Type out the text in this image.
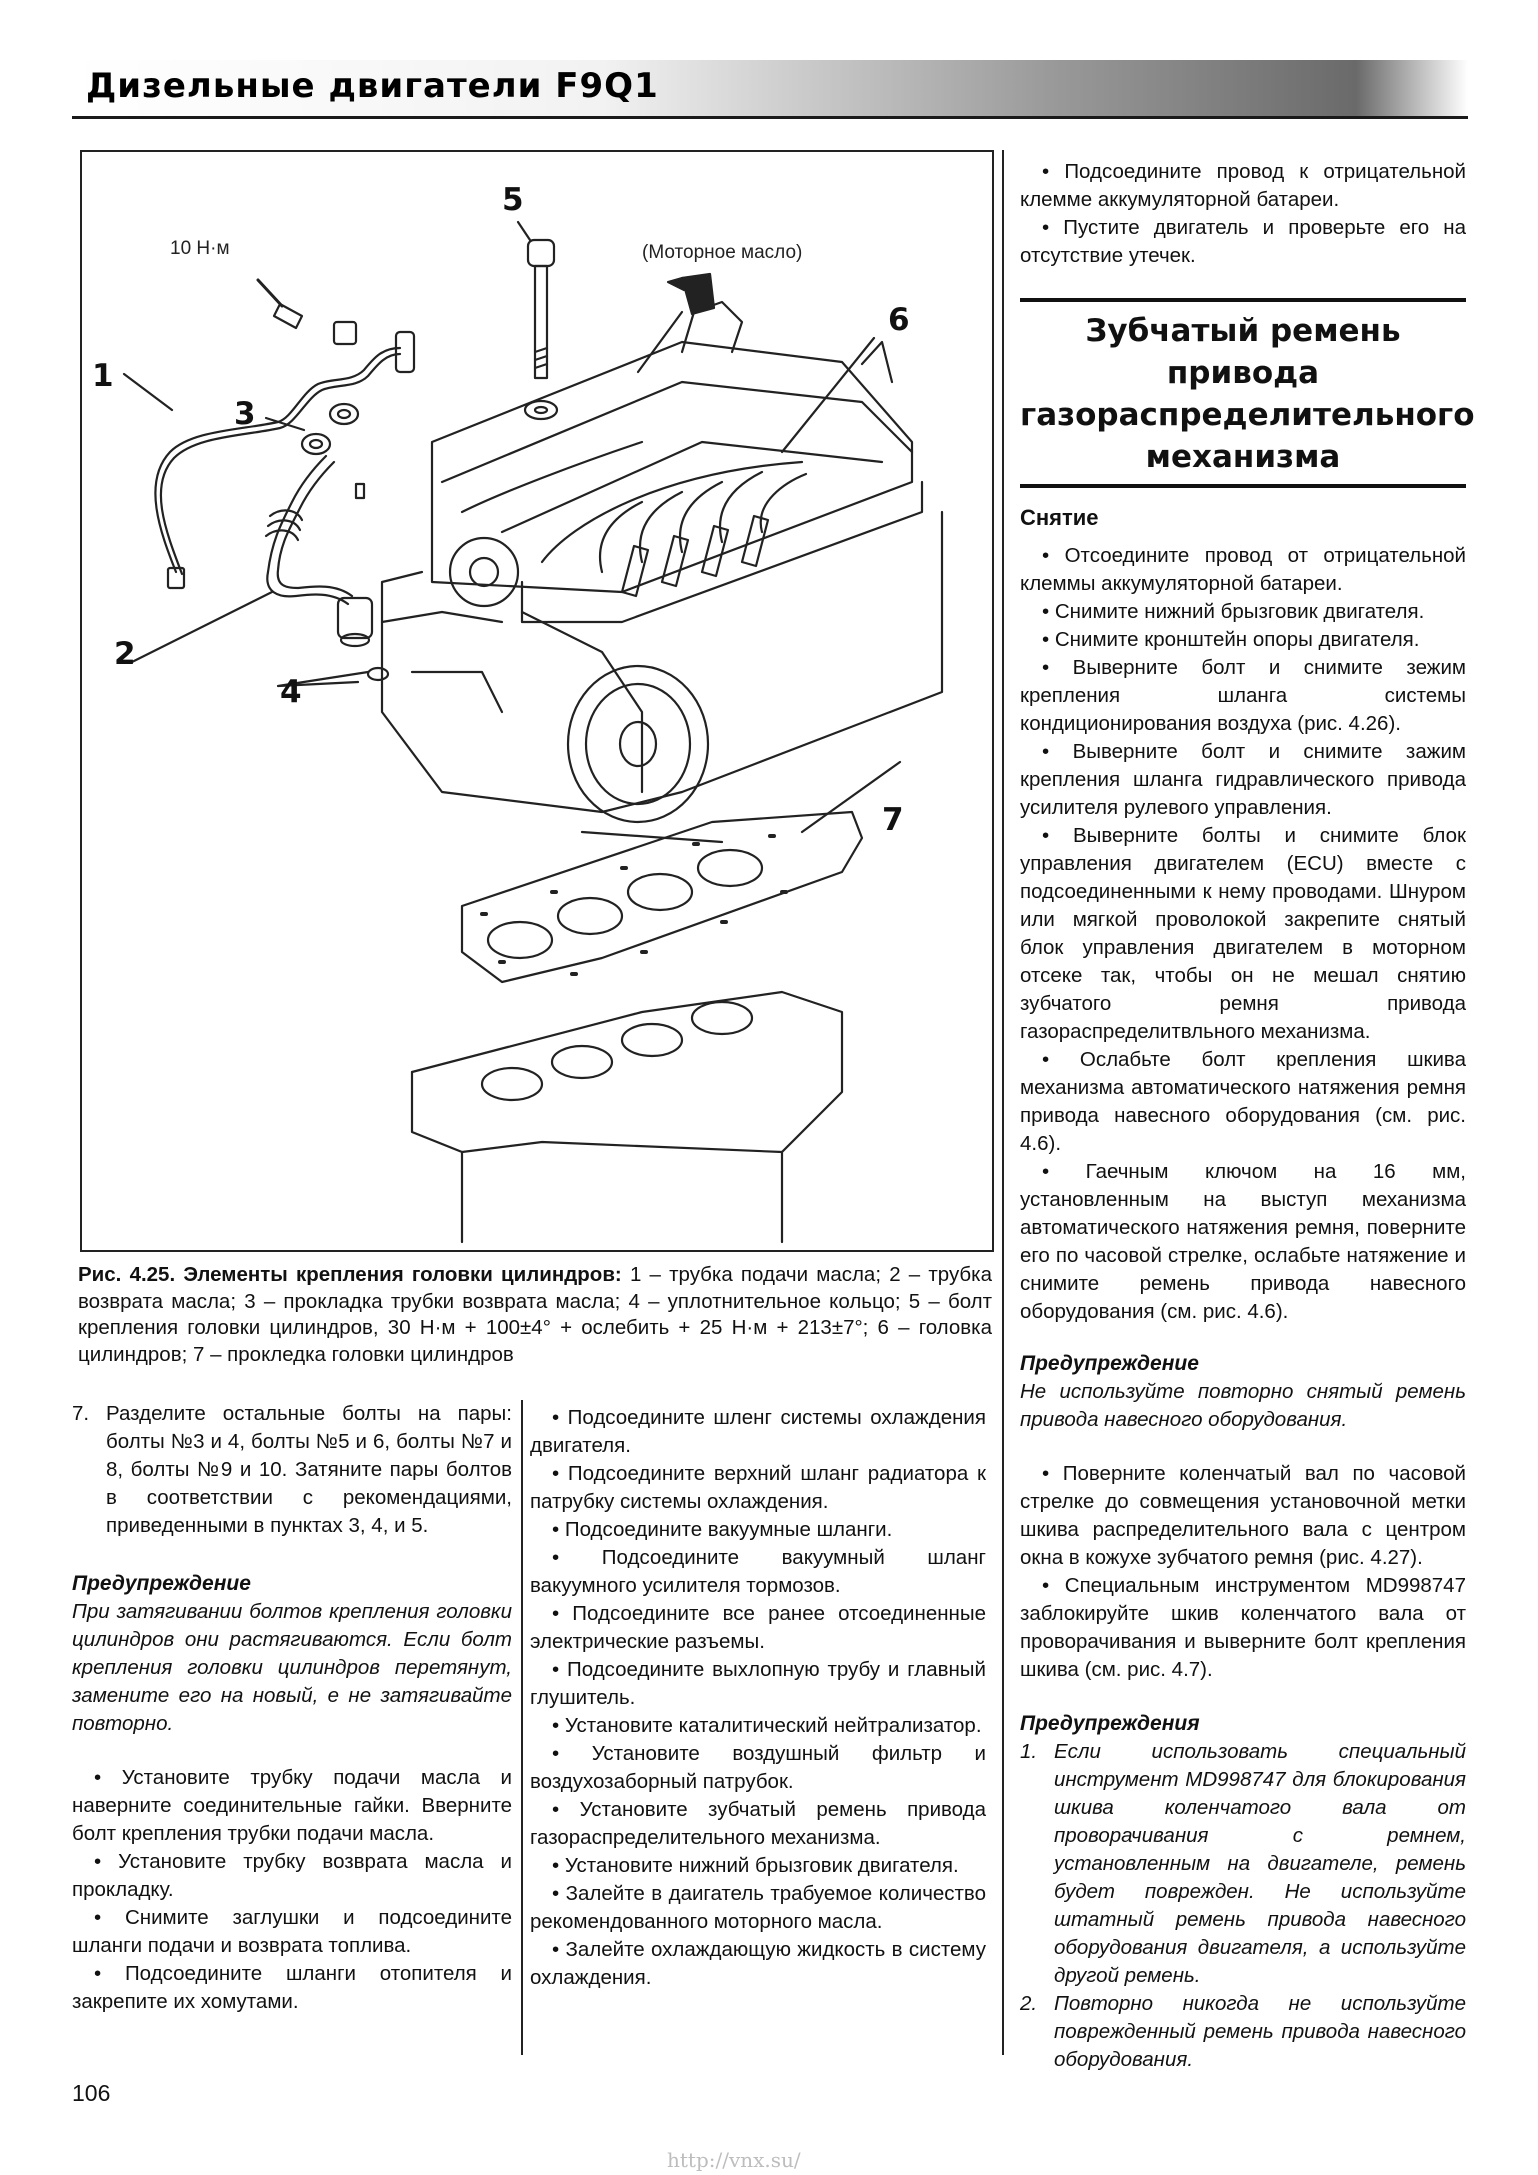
Дизельные двигатели F9Q1
5
6
1
3
2
4
7
10 Н·м	(Моторное масло)
Рис. 4.25. Элементы крепления головки цилиндров: 1 – трубка подачи масла; 2 – трубка возврата масла; 3 – прокладка трубки возврата масла; 4 – уплотнительное кольцо; 5 – болт крепления головки цилиндров, 30 Н·м + 100±4° + ослебить + 25 Н·м + 213±7°; 6 – головка цилиндров; 7 – прокледка головки цилиндров
7. Разделите остальные болты на пары: болты №3 и 4, болты №5 и 6, болты №7 и 8, болты №9 и 10. Затяните пары болтов в соответствии с рекомендациями, приведенными в пунктах 3, 4, и 5.

Предупреждение

При затягивании болтов крепления головки цилиндров они растягиваются. Если болт крепления головки цилиндров перетянут, замените его на новый, е не затягивайте повторно.

• Установите трубку подачи масла и наверните соединительные гайки. Вверните болт крепления трубки подачи масла.

• Установите трубку возврата масла и прокладку.

• Снимите заглушки и подсоедините шланги подачи и возврата топлива.

• Подсоедините шланги отопителя и закрепите их хомутами.

• Подсоедините шленг системы охлаждения двигателя.

• Подсоедините верхний шланг радиатора к патрубку системы охлаждения.

• Подсоедините вакуумные шланги.

• Подсоедините вакуумный шланг вакуумного усилителя тормозов.

• Подсоедините все ранее отсоединенные электрические разъемы.

• Подсоедините выхлопную трубу и главный глушитель.

• Установите каталитический нейтрализатор.

• Установите воздушный фильтр и воздухозаборный патрубок.

• Установите зубчатый ремень привода газораспределительного механизма.

• Установите нижний брызговик двигателя.

• Залейте в даигатель трабуемое количество рекомендованного моторного масла.

• Залейте охлаждающую жидкость в систему охлаждения.

• Подсоедините провод к отрицательной клемме аккумуляторной батареи.

• Пустите двигатель и проверьте его на отсутствие утечек.

Зубчатый ремень привода газораспределительного механизма

Снятие

• Отсоедините провод от отрицательной клеммы аккумуляторной батареи.

• Снимите нижний брызговик двигателя.

• Снимите кронштейн опоры двигателя.

• Выверните болт и снимите зежим крепления шланга системы кондиционирования воздуха (рис. 4.26).

• Выверните болт и снимите зажим крепления шланга гидравлического привода усилителя рулевого управления.

• Выверните болты и снимите блок управления двигателем (ECU) вместе с подсоединенными к нему проводами. Шнуром или мягкой проволокой закрепите снятый блок управления двигателем в моторном отсеке так, чтобы он не мешал снятию зубчатого ремня привода газораспределитвльного механизма.

• Ослабьте болт крепления шкива механизма автоматического натяжения ремня привода навесного оборудования (см. рис. 4.6).

• Гаечным ключом на 16 мм, установленным на выступ механизма автоматического натяжения ремня, поверните его по часовой стрелке, ослабьте натяжение и снимите ремень привода навесного оборудования (см. рис. 4.6).

Предупреждение

Не используйте повторно снятый ремень привода навесного оборудования.

• Поверните коленчатый вал по часовой стрелке до совмещения установочной метки шкива распределительного вала с центром окна в кожухе зубчатого ремня (рис. 4.27).

• Специальным инструментом MD998747 заблокируйте шкив коленчатого вала от проворачивания и выверните болт крепления шкива (см. рис. 4.7).

Предупреждения

1. Если использовать специальный инструмент MD998747 для блокирования шкива коленчатого вала от проворачивания с ремнем, установленным на двигателе, ремень будет поврежден. Не используйте штатный ремень привода навесного оборудования двигателя, а используйте другой ремень.
2. Повторно никогда не используйте поврежденный ремень привода навесного оборудования.
106
http://vnx.su/
